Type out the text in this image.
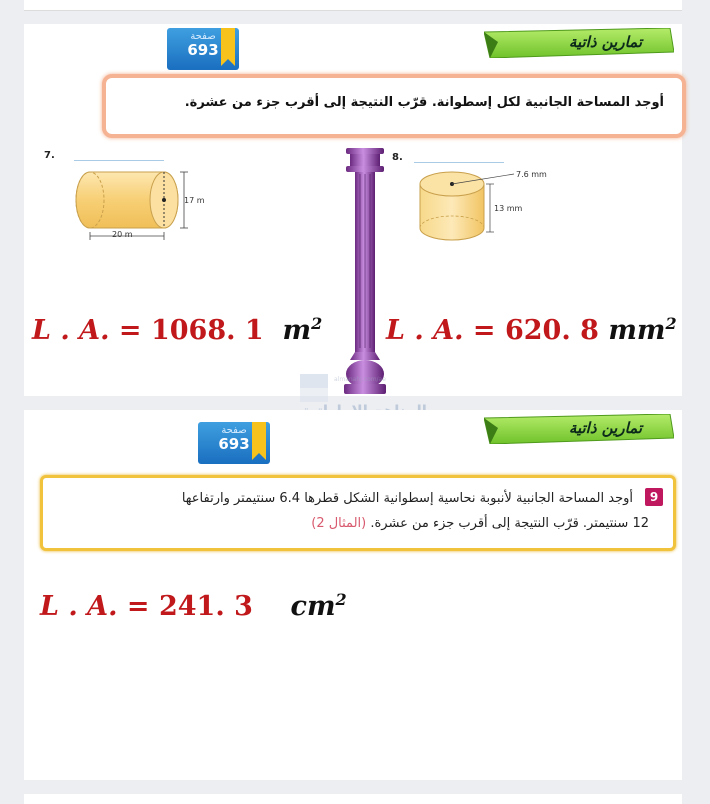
صفحة
693	تمارين ذاتية
أوجد المساحة الجانبية لكل إسطوانة. قرّب النتيجة إلى أقرب جزء من عشرة.
7.
17 m
20 m
8.
7.6 mm
13 mm
L . A. = 1068. 1 $m^2$ L . A. = 620. 8 $mm^2$
almanahj.com/ae
صفحة
693
تمارين ذاتية
9
أوجد المساحة الجانبية لأنبوبة نحاسية إسطوانية الشكل قطرها 6.4 سنتيمتر وارتفاعها
12 سنتيمتر. قرّب النتيجة إلى أقرب جزء من عشرة. (المثال 2)
L . A. = 241. 3 $cm^2$
